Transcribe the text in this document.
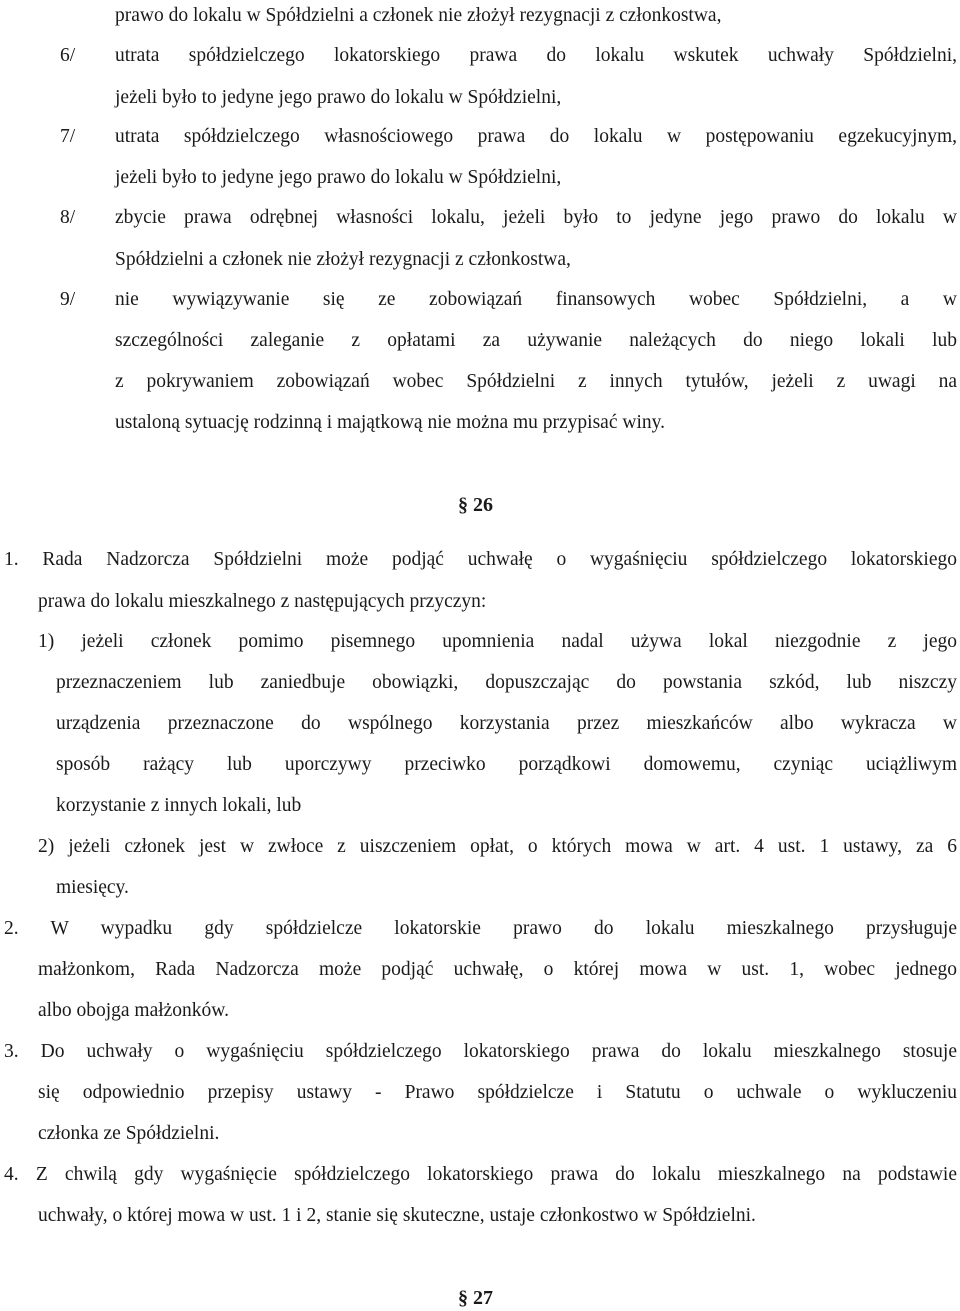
prawo do lokalu w Spółdzielni a członek nie złożył rezygnacji z członkostwa,
6/ utrata spółdzielczego lokatorskiego prawa do lokalu wskutek uchwały Spółdzielni,
jeżeli było to jedyne jego prawo do lokalu w Spółdzielni,
7/ utrata spółdzielczego własnościowego prawa do lokalu w postępowaniu egzekucyjnym,
jeżeli było to jedyne jego prawo do lokalu w Spółdzielni,
8/ zbycie prawa odrębnej własności lokalu, jeżeli było to jedyne jego prawo do lokalu w
Spółdzielni a członek nie złożył rezygnacji z członkostwa,
9/ nie wywiązywanie się ze zobowiązań finansowych wobec Spółdzielni, a w
szczególności zaleganie z opłatami za używanie należących do niego lokali lub
z pokrywaniem zobowiązań wobec Spółdzielni z innych tytułów, jeżeli z uwagi na
ustaloną sytuację rodzinną i majątkową nie można mu przypisać winy.
§ 26
1. Rada Nadzorcza Spółdzielni może podjąć uchwałę o wygaśnięciu spółdzielczego lokatorskiego
prawa do lokalu mieszkalnego z następujących przyczyn:
1) jeżeli członek pomimo pisemnego upomnienia nadal używa lokal niezgodnie z jego
przeznaczeniem lub zaniedbuje obowiązki, dopuszczając do powstania szkód, lub niszczy
urządzenia przeznaczone do wspólnego korzystania przez mieszkańców albo wykracza w
sposób rażący lub uporczywy przeciwko porządkowi domowemu, czyniąc uciążliwym
korzystanie z innych lokali, lub
2) jeżeli członek jest w zwłoce z uiszczeniem opłat, o których mowa w art. 4 ust. 1 ustawy, za 6
miesięcy.
2. W wypadku gdy spółdzielcze lokatorskie prawo do lokalu mieszkalnego przysługuje
małżonkom, Rada Nadzorcza może podjąć uchwałę, o której mowa w ust. 1, wobec jednego
albo obojga małżonków.
3. Do uchwały o wygaśnięciu spółdzielczego lokatorskiego prawa do lokalu mieszkalnego stosuje
się odpowiednio przepisy ustawy - Prawo spółdzielcze i Statutu o uchwale o wykluczeniu
członka ze Spółdzielni.
4. Z chwilą gdy wygaśnięcie spółdzielczego lokatorskiego prawa do lokalu mieszkalnego na podstawie
uchwały, o której mowa w ust. 1 i 2, stanie się skuteczne, ustaje członkostwo w Spółdzielni.
§ 27
